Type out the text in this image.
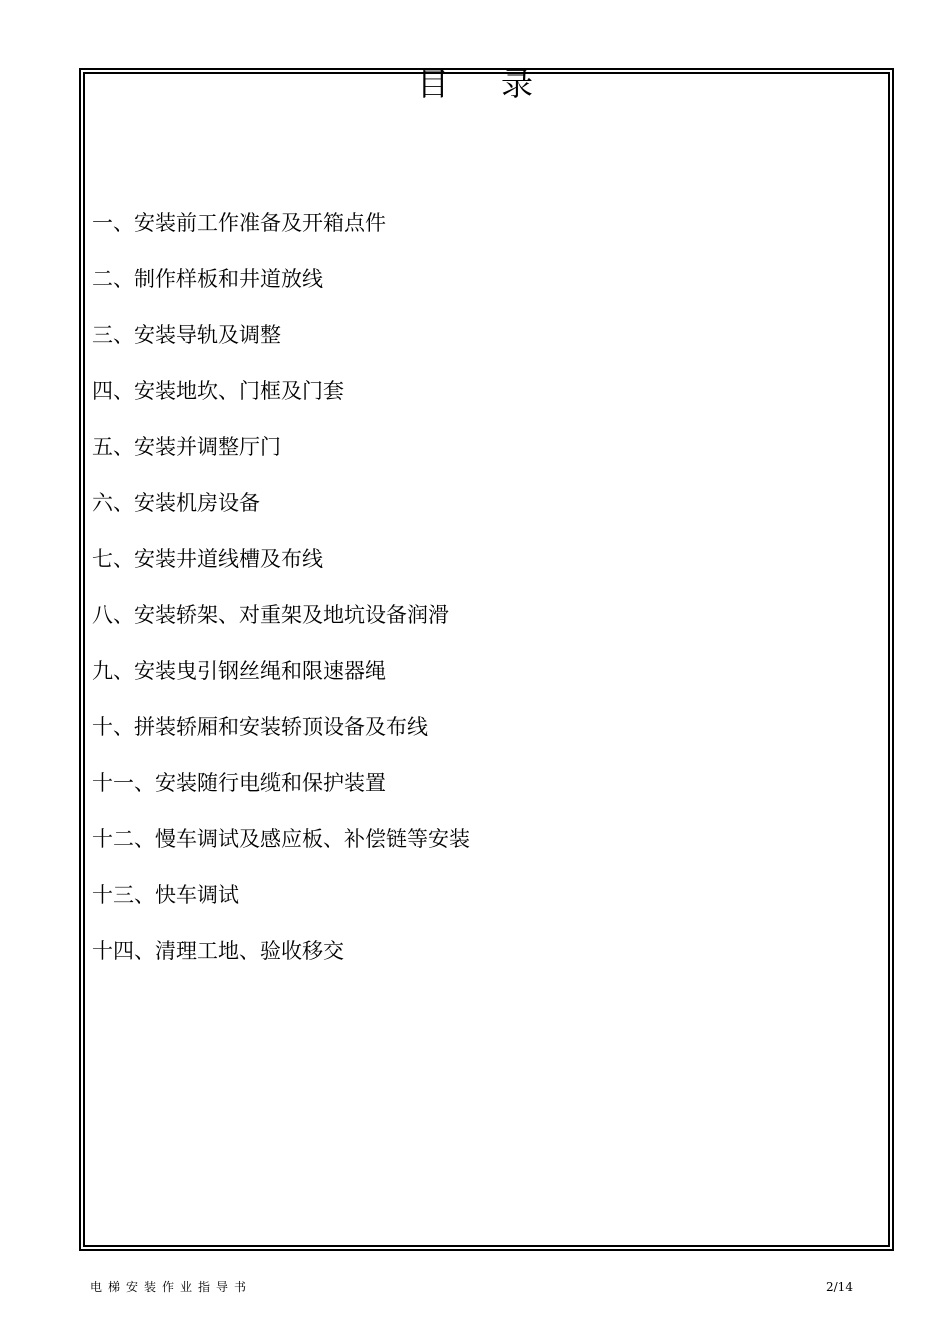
目录
一、安装前工作准备及开箱点件
二、制作样板和井道放线
三、安装导轨及调整
四、安装地坎、门框及门套
五、安装并调整厅门
六、安装机房设备
七、安装井道线槽及布线
八、安装轿架、对重架及地坑设备润滑
九、安装曳引钢丝绳和限速器绳
十、拼装轿厢和安装轿顶设备及布线
十一、安装随行电缆和保护装置
十二、慢车调试及感应板、补偿链等安装
十三、快车调试
十四、清理工地、验收移交
电梯安装作业指导书	2/14
